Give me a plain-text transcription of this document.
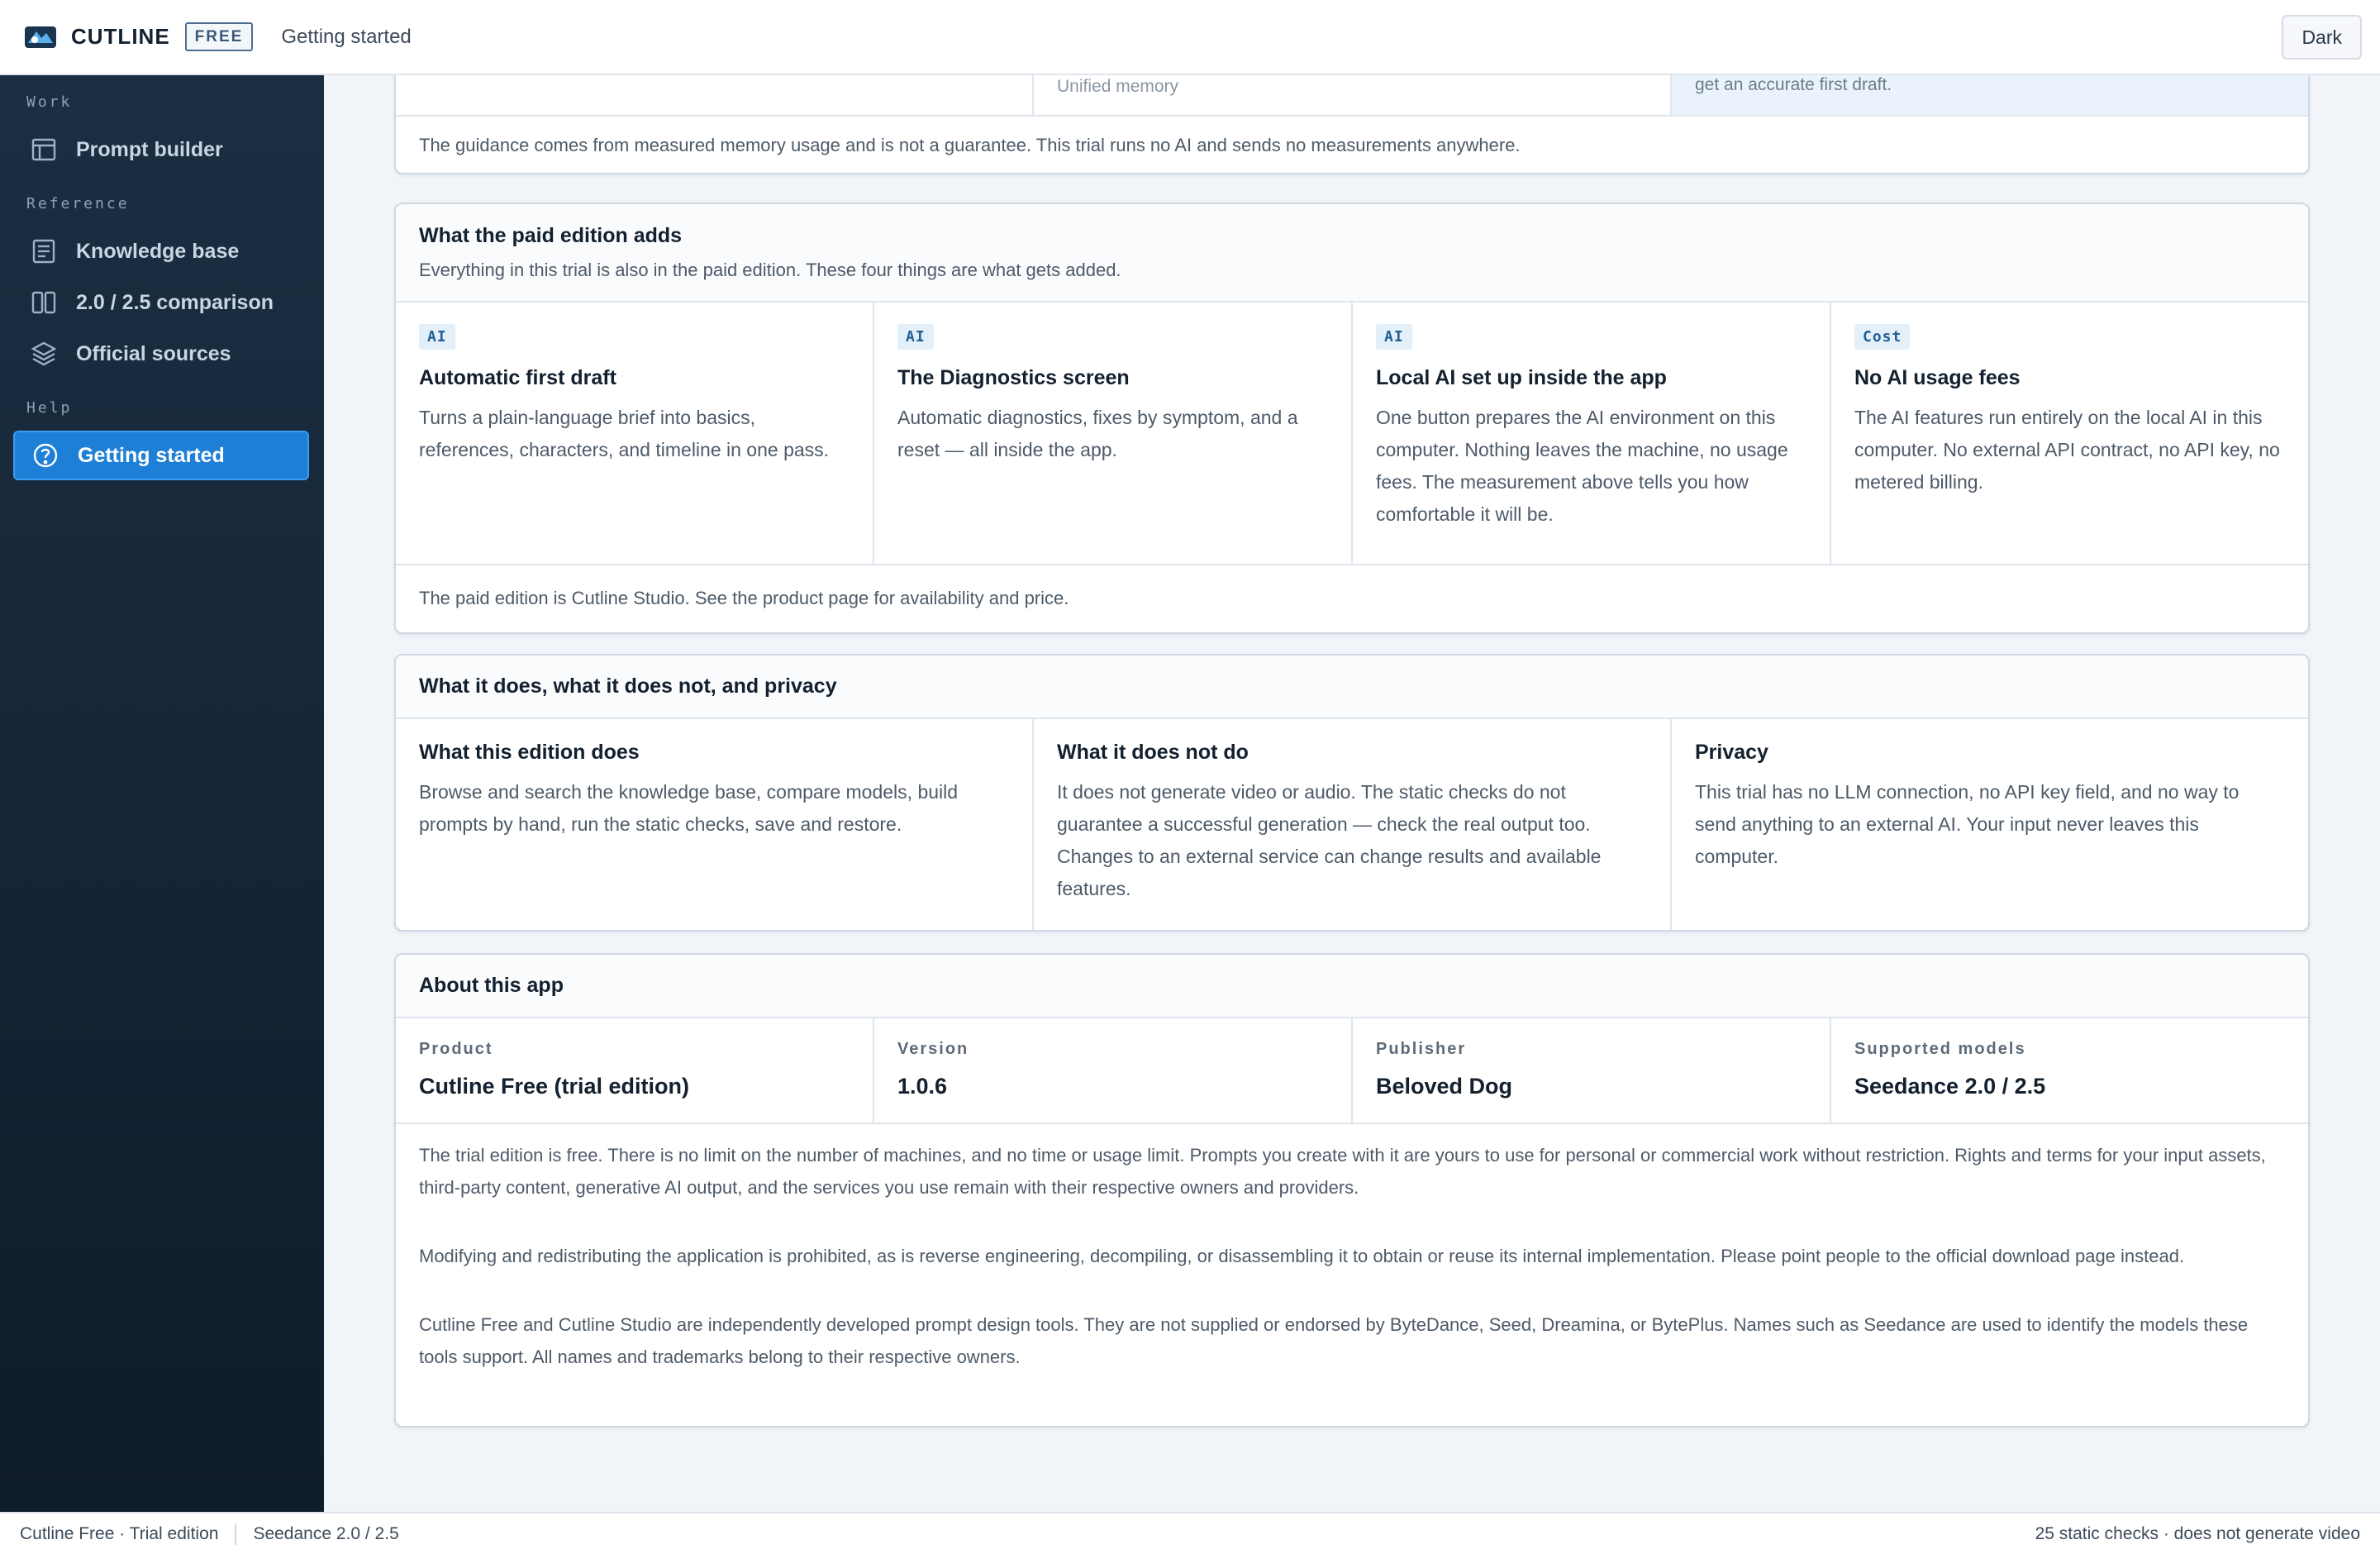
CUTLINE	FREE	Getting started	Dark
Work
Prompt builder
Reference
Knowledge base
2.0 / 2.5 comparison
Official sources
Help
Getting started
Unified memory	get an accurate first draft.
The guidance comes from measured memory usage and is not a guarantee. This trial runs no AI and sends no measurements anywhere.
What the paid edition adds
Everything in this trial is also in the paid edition. These four things are what gets added.
AI
Automatic first draft
Turns a plain-language brief into basics, references, characters, and timeline in one pass.
AI
The Diagnostics screen
Automatic diagnostics, fixes by symptom, and a reset — all inside the app.
AI
Local AI set up inside the app
One button prepares the AI environment on this computer. Nothing leaves the machine, no usage fees. The measurement above tells you how comfortable it will be.
Cost
No AI usage fees
The AI features run entirely on the local AI in this computer. No external API contract, no API key, no metered billing.
The paid edition is Cutline Studio. See the product page for availability and price.
What it does, what it does not, and privacy
What this edition does
Browse and search the knowledge base, compare models, build prompts by hand, run the static checks, save and restore.
What it does not do
It does not generate video or audio. The static checks do not guarantee a successful generation — check the real output too. Changes to an external service can change results and available features.
Privacy
This trial has no LLM connection, no API key field, and no way to send anything to an external AI. Your input never leaves this computer.
About this app
Product
Cutline Free (trial edition)
Version
1.0.6
Publisher
Beloved Dog
Supported models
Seedance 2.0 / 2.5

The trial edition is free. There is no limit on the number of machines, and no time or usage limit. Prompts you create with it are yours to use for personal or commercial work without restriction. Rights and terms for your input assets, third-party content, generative AI output, and the services you use remain with their respective owners and providers.

Modifying and redistributing the application is prohibited, as is reverse engineering, decompiling, or disassembling it to obtain or reuse its internal implementation. Please point people to the official download page instead.

Cutline Free and Cutline Studio are independently developed prompt design tools. They are not supplied or endorsed by ByteDance, Seed, Dreamina, or BytePlus. Names such as Seedance are used to identify the models these tools support. All names and trademarks belong to their respective owners.

Cutline Free · Trial edition Seedance 2.0 / 2.5	25 static checks · does not generate video
